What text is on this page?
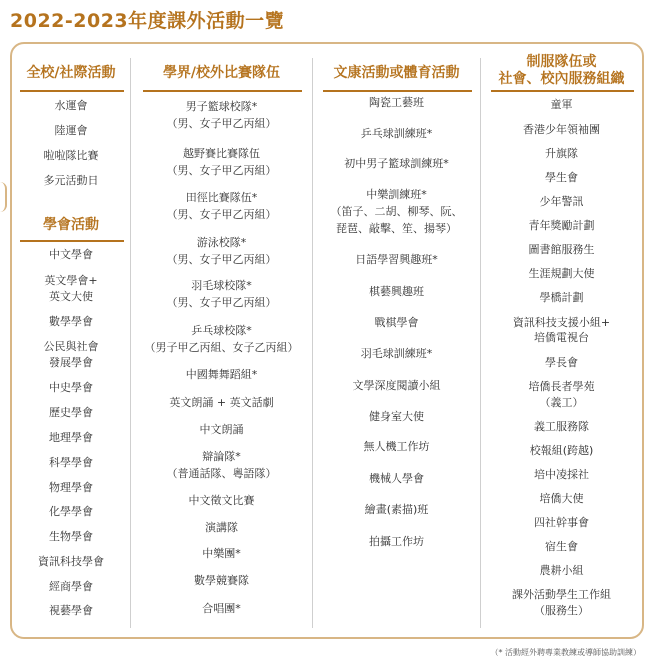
2022-2023年度課外活動一覽
全校/社際活動
水運會
陸運會
啦啦隊比賽
多元活動日
學會活動
中文學會
英文學會+
英文大使
數學學會
公民與社會
發展學會
中史學會
歷史學會
地理學會
科學學會
物理學會
化學學會
生物學會
資訊科技學會
經商學會
視藝學會
學界/校外比賽隊伍
男子籃球校隊*
（男、女子甲乙丙組）
越野賽比賽隊伍
（男、女子甲乙丙組）
田徑比賽隊伍*
（男、女子甲乙丙組）
游泳校隊*
（男、女子甲乙丙組）
羽毛球校隊*
（男、女子甲乙丙組）
乒乓球校隊*
（男子甲乙丙組、女子乙丙組）
中國舞舞蹈組*
英文朗誦 + 英文話劇
中文朗誦
辯論隊*
（普通話隊、粵語隊）
中文徵文比賽
演講隊
中樂團*
數學競賽隊
合唱團*
文康活動或體育活動
陶瓷工藝班
乒乓球訓練班*
初中男子籃球訓練班*
中樂訓練班*
（笛子、二胡、柳琴、阮、
琵琶、敲擊、笙、揚琴）
日語學習興趣班*
棋藝興趣班
戰棋學會
羽毛球訓練班*
文學深度閱讀小組
健身室大使
無人機工作坊
機械人學會
繪畫(素描)班
拍攝工作坊
制服隊伍或
社會、校內服務組織
童軍
香港少年領袖團
升旗隊
學生會
少年警訊
青年獎勵計劃
圖書館服務生
生涯規劃大使
學橋計劃
資訊科技支援小組+
培僑電視台
學長會
培僑長者學苑
（義工）
義工服務隊
校報組(跨越)
培中凌採社
培僑大使
四社幹事會
宿生會
農耕小組
課外活動學生工作組
（服務生）
（* 活動經外聘專業教練或導師協助訓練）
